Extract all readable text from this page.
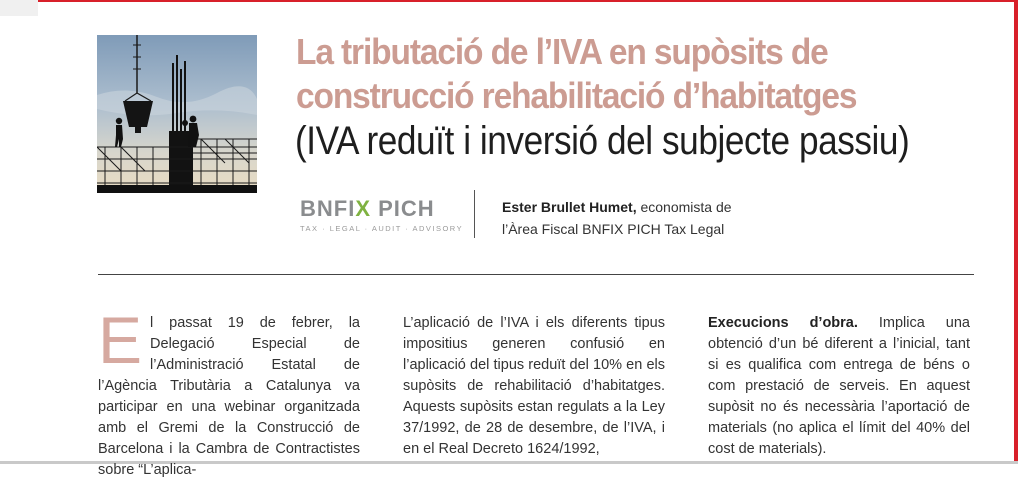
La tributació de l’IVA en supòsits de
construcció rehabilitació d’habitatges
(IVA reduït i inversió del subjecte passiu)
BNFIX PICH
TAX · LEGAL · AUDIT · ADVISORY
Ester Brullet Humet, economista de
l’Àrea Fiscal BNFIX PICH Tax Legal

El passat 19 de febrer, la Delegació Especial de l’Administració Estatal de l’Agència Tributària a Catalunya va participar en una webinar organitzada amb el Gremi de la Construcció de Barcelona i la Cambra de Contractistes sobre “L’aplica-

L’aplicació de l’IVA i els diferents tipus impositius generen confusió en l’aplicació del tipus reduït del 10% en els supòsits de rehabilitació d’habitatges. Aquests supòsits estan regulats a la Ley 37/1992, de 28 de desembre, de l’IVA, i en el Real Decreto 1624/1992,

Execucions d’obra. Implica una obtenció d’un bé diferent a l’inicial, tant si es qualifica com entrega de béns o com prestació de serveis. En aquest supòsit no és necessària l’aportació de materials (no aplica el límit del 40% del cost de materials).
